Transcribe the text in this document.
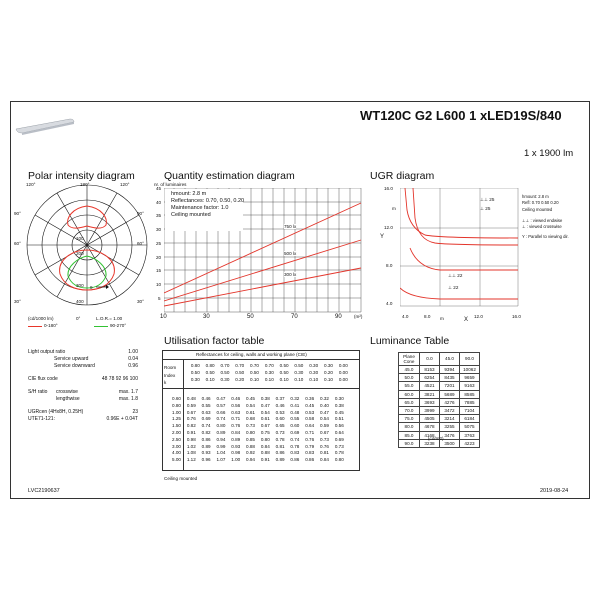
WT120C G2 L600 1 xLED19S/840
1 x 1900 lm
Polar intensity diagram
120°	180°	120°
90°
60°
30°
90°
60°
30°
100
200
300
400
9
(cd/1000 lm)	0°	L.O.R.= 1.00
0-180°	90-270°
Quantity estimation diagram
nr. of luminaires
hmount: 2.8 m
Reflectances: 0.70, 0.50, 0.20
Maintenance factor: 1.0
Ceiling mounted
750 lx
500 lx
300 lx
45
40
35
30
25
20
15
10
5
10	30	50	70	90	(m²)
UGR diagram
16.0
12.0
8.0
4.0
m
m
Y
X
4.0	8.0	12.0	16.0
⊥⊥ 25
⊥ 25
⊥⊥ 22
⊥ 22
hmount: 2.8 m
Refl: 0.70 0.50 0.20
Ceiling mounted
⊥⊥ : viewed endwise
⊥ : viewed crosswise
Y : Parallel to viewing dir.
Light output ratio	1.00
Service upward	0.04
Service downward	0.96
CIE flux code	48 78 92 96 100
S/H ratio	crosswise	max. 1.7
lengthwise	max. 1.8
UGRcen (4Hx8H, 0.25H)	23
UTE71-121:	0.96E + 0.04T
Utilisation factor table
Reflectances for ceiling, walls and working plane (CIE)
Room
Index
k
0.80	0.80	0.70	0.70	0.70	0.70	0.50	0.50	0.30	0.30	0.00
0.50	0.50	0.50	0.50	0.50	0.30	0.50	0.30	0.30	0.20	0.00
0.30	0.10	0.30	0.20	0.10	0.10	0.10	0.10	0.10	0.10	0.00
0.60	0.48	0.46	0.47	0.46	0.45	0.38	0.37	0.32	0.36	0.32	0.30
0.80	0.59	0.55	0.57	0.56	0.54	0.47	0.46	0.41	0.45	0.40	0.38
1.00	0.67	0.63	0.66	0.63	0.61	0.54	0.53	0.48	0.53	0.47	0.45
1.25	0.76	0.69	0.74	0.71	0.68	0.61	0.60	0.55	0.58	0.54	0.51
1.50	0.82	0.74	0.80	0.76	0.73	0.67	0.65	0.60	0.64	0.59	0.56
2.00	0.91	0.82	0.89	0.84	0.80	0.75	0.73	0.69	0.71	0.67	0.64
2.50	0.98	0.86	0.94	0.89	0.85	0.80	0.78	0.74	0.76	0.73	0.69
3.00	1.02	0.89	0.99	0.93	0.88	0.84	0.81	0.78	0.79	0.76	0.73
4.00	1.08	0.93	1.04	0.98	0.92	0.88	0.86	0.83	0.83	0.81	0.78
5.00	1.12	0.96	1.07	1.00	0.94	0.91	0.89	0.86	0.86	0.84	0.80
Ceiling mounted
Luminance Table
Plane Cone	0.0	45.0	90.0
45.0	8153	9394	10062
50.0	6254	8435	9659
55.0	4521	7201	9163
60.0	3821	5689	8585
65.0	3693	4276	7885
70.0	3999	3472	7104
75.0	4505	3214	6184
80.0	4678	3255	5075
85.0	4168	3476	3763
90.0	3238	3500	4223
(cd/m2)
LVC2190637	2019-08-24
